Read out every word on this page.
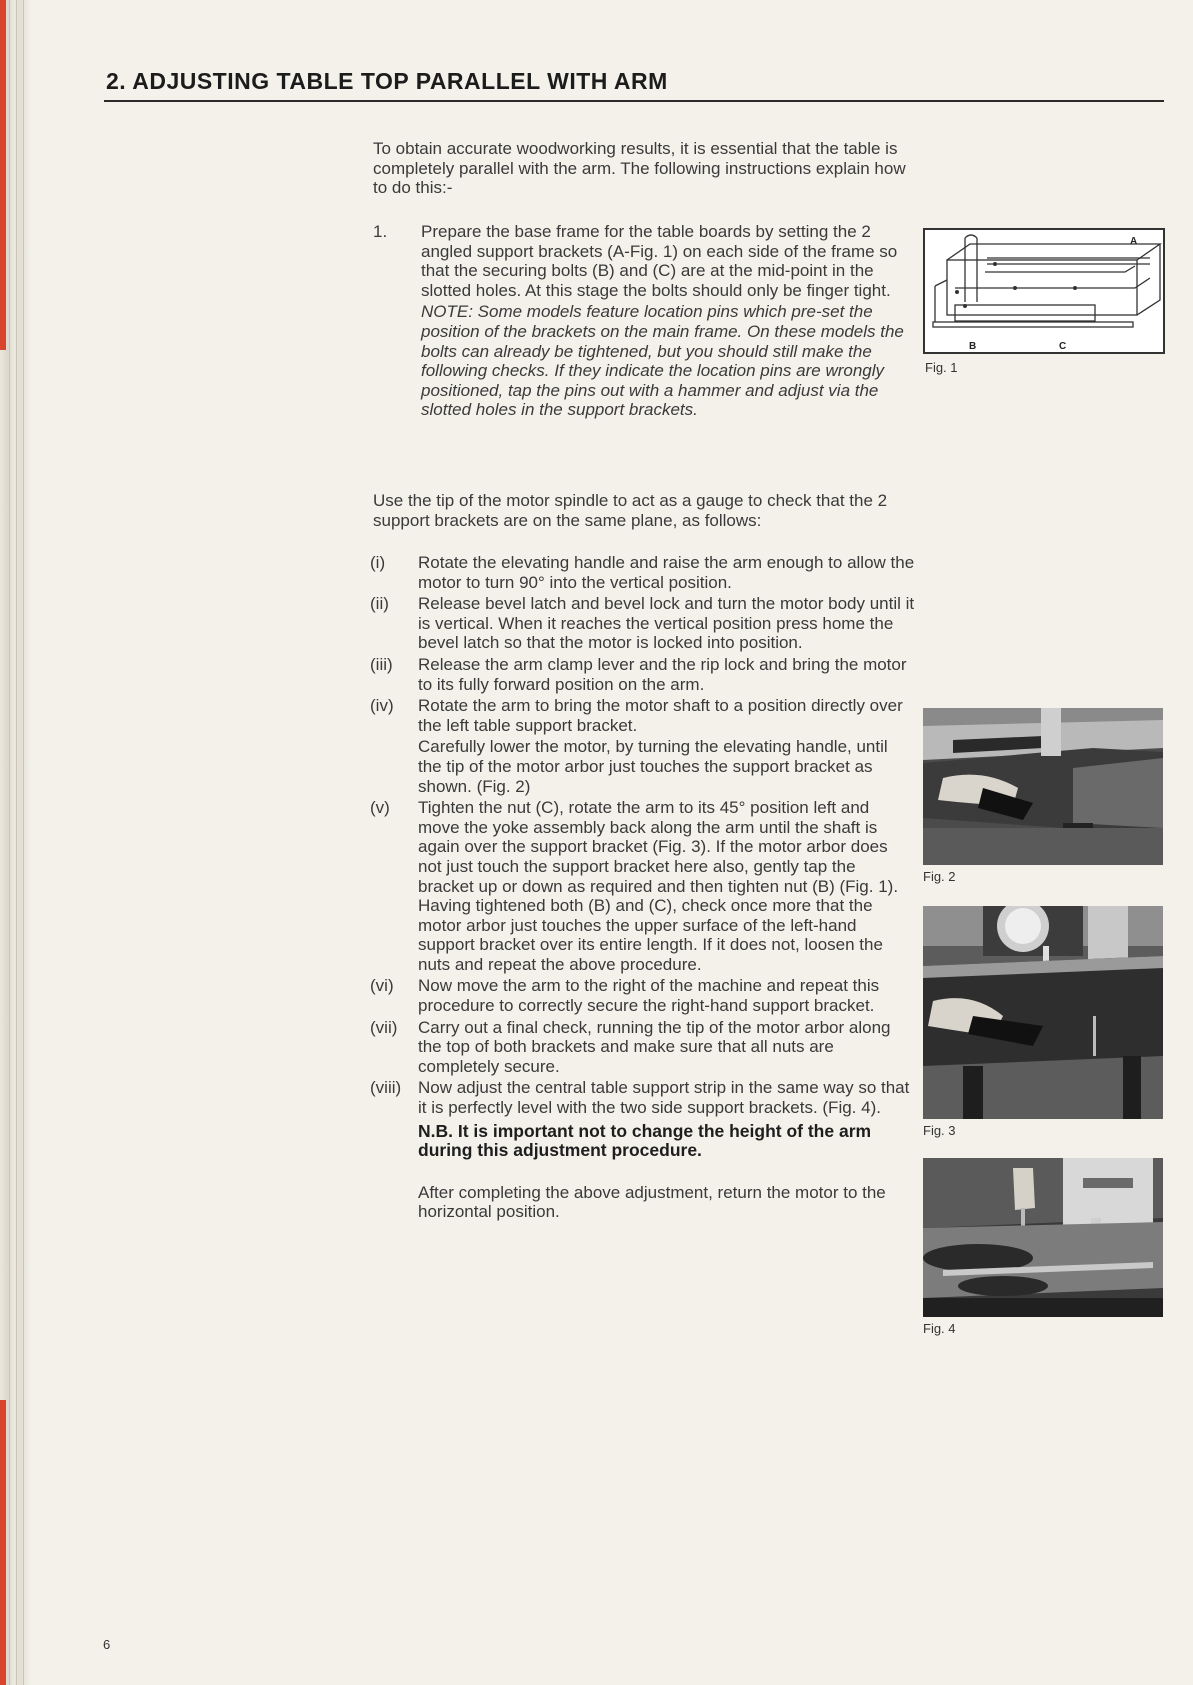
2. ADJUSTING TABLE TOP PARALLEL WITH ARM

To obtain accurate woodworking results, it is essential that the table is completely parallel with the arm. The following instructions explain how to do this:-

1.	Prepare the base frame for the table boards by setting the 2 angled support brackets (A-Fig. 1) on each side of the frame so that the securing bolts (B) and (C) are at the mid-point in the slotted holes. At this stage the bolts should only be finger tight.

NOTE: Some models feature location pins which pre-set the position of the brackets on the main frame. On these models the bolts can already be tightened, but you should still make the following checks. If they indicate the location pins are wrongly positioned, tap the pins out with a hammer and adjust via the slotted holes in the support brackets.

Use the tip of the motor spindle to act as a gauge to check that the 2 support brackets are on the same plane, as follows:

(i)	Rotate the elevating handle and raise the arm enough to allow the motor to turn 90° into the vertical position.

(ii)	Release bevel latch and bevel lock and turn the motor body until it is vertical. When it reaches the vertical position press home the bevel latch so that the motor is locked into position.

(iii)	Release the arm clamp lever and the rip lock and bring the motor to its fully forward position on the arm.

(iv)	Rotate the arm to bring the motor shaft to a position directly over the left table support bracket.

Carefully lower the motor, by turning the elevating handle, until the tip of the motor arbor just touches the support bracket as shown. (Fig. 2)

(v)	Tighten the nut (C), rotate the arm to its 45° position left and move the yoke assembly back along the arm until the shaft is again over the support bracket (Fig. 3). If the motor arbor does not just touch the support bracket here also, gently tap the bracket up or down as required and then tighten nut (B) (Fig. 1). Having tightened both (B) and (C), check once more that the motor arbor just touches the upper surface of the left-hand support bracket over its entire length. If it does not, loosen the nuts and repeat the above procedure.

(vi)	Now move the arm to the right of the machine and repeat this procedure to correctly secure the right-hand support bracket.

(vii)	Carry out a final check, running the tip of the motor arbor along the top of both brackets and make sure that all nuts are completely secure.

(viii) Now adjust the central table support strip in the same way so that it is perfectly level with the two side support brackets. (Fig. 4).

N.B. It is important not to change the height of the arm during this adjustment procedure.

After completing the above adjustment, return the motor to the horizontal position.

A
B	C
Fig. 1
Fig. 2
Fig. 3
Fig. 4
6
